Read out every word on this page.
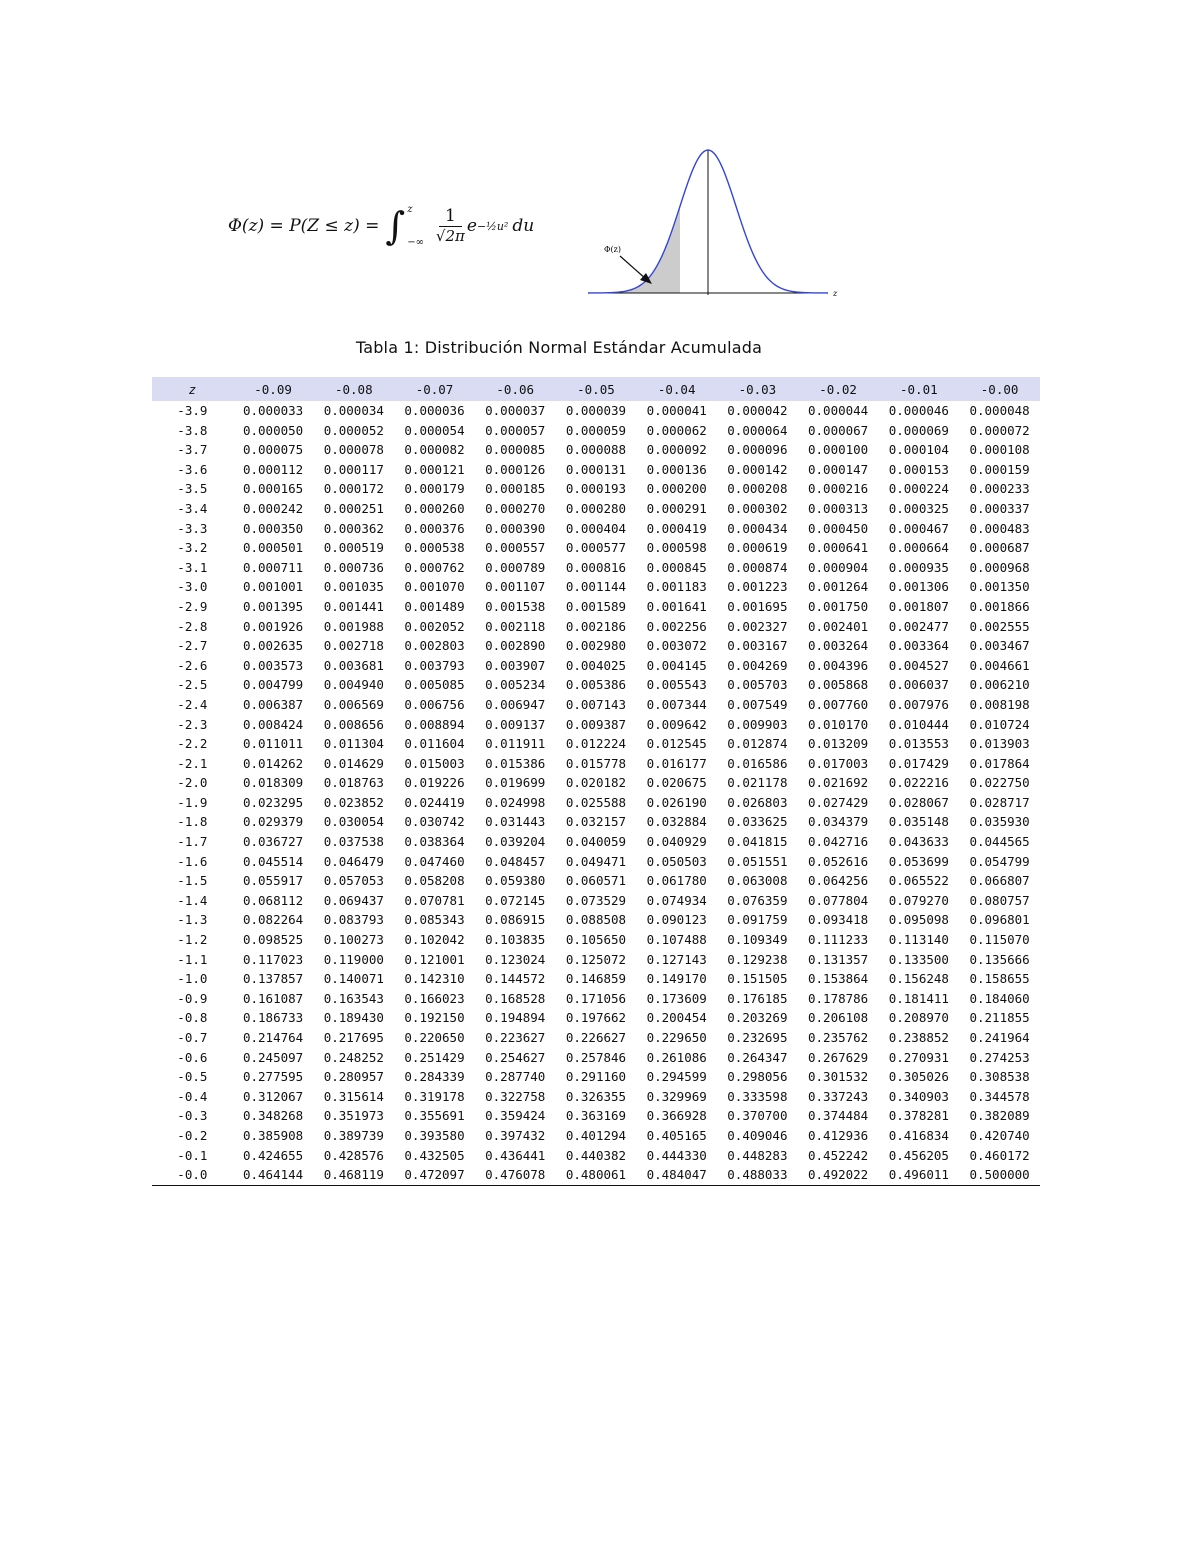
Φ(z) = P(Z ≤ z) = ∫ z
−∞ $\frac{1}{√2\pi}$ e −½u² du
Φ(z)
z
Tabla 1: Distribución Normal Estándar Acumulada
z	-0.09	-0.08	-0.07	-0.06	-0.05	-0.04	-0.03	-0.02	-0.01	-0.00
-3.9	0.000033	0.000034	0.000036	0.000037	0.000039	0.000041	0.000042	0.000044	0.000046	0.000048
-3.8	0.000050	0.000052	0.000054	0.000057	0.000059	0.000062	0.000064	0.000067	0.000069	0.000072
-3.7	0.000075	0.000078	0.000082	0.000085	0.000088	0.000092	0.000096	0.000100	0.000104	0.000108
-3.6	0.000112	0.000117	0.000121	0.000126	0.000131	0.000136	0.000142	0.000147	0.000153	0.000159
-3.5	0.000165	0.000172	0.000179	0.000185	0.000193	0.000200	0.000208	0.000216	0.000224	0.000233
-3.4	0.000242	0.000251	0.000260	0.000270	0.000280	0.000291	0.000302	0.000313	0.000325	0.000337
-3.3	0.000350	0.000362	0.000376	0.000390	0.000404	0.000419	0.000434	0.000450	0.000467	0.000483
-3.2	0.000501	0.000519	0.000538	0.000557	0.000577	0.000598	0.000619	0.000641	0.000664	0.000687
-3.1	0.000711	0.000736	0.000762	0.000789	0.000816	0.000845	0.000874	0.000904	0.000935	0.000968
-3.0	0.001001	0.001035	0.001070	0.001107	0.001144	0.001183	0.001223	0.001264	0.001306	0.001350
-2.9	0.001395	0.001441	0.001489	0.001538	0.001589	0.001641	0.001695	0.001750	0.001807	0.001866
-2.8	0.001926	0.001988	0.002052	0.002118	0.002186	0.002256	0.002327	0.002401	0.002477	0.002555
-2.7	0.002635	0.002718	0.002803	0.002890	0.002980	0.003072	0.003167	0.003264	0.003364	0.003467
-2.6	0.003573	0.003681	0.003793	0.003907	0.004025	0.004145	0.004269	0.004396	0.004527	0.004661
-2.5	0.004799	0.004940	0.005085	0.005234	0.005386	0.005543	0.005703	0.005868	0.006037	0.006210
-2.4	0.006387	0.006569	0.006756	0.006947	0.007143	0.007344	0.007549	0.007760	0.007976	0.008198
-2.3	0.008424	0.008656	0.008894	0.009137	0.009387	0.009642	0.009903	0.010170	0.010444	0.010724
-2.2	0.011011	0.011304	0.011604	0.011911	0.012224	0.012545	0.012874	0.013209	0.013553	0.013903
-2.1	0.014262	0.014629	0.015003	0.015386	0.015778	0.016177	0.016586	0.017003	0.017429	0.017864
-2.0	0.018309	0.018763	0.019226	0.019699	0.020182	0.020675	0.021178	0.021692	0.022216	0.022750
-1.9	0.023295	0.023852	0.024419	0.024998	0.025588	0.026190	0.026803	0.027429	0.028067	0.028717
-1.8	0.029379	0.030054	0.030742	0.031443	0.032157	0.032884	0.033625	0.034379	0.035148	0.035930
-1.7	0.036727	0.037538	0.038364	0.039204	0.040059	0.040929	0.041815	0.042716	0.043633	0.044565
-1.6	0.045514	0.046479	0.047460	0.048457	0.049471	0.050503	0.051551	0.052616	0.053699	0.054799
-1.5	0.055917	0.057053	0.058208	0.059380	0.060571	0.061780	0.063008	0.064256	0.065522	0.066807
-1.4	0.068112	0.069437	0.070781	0.072145	0.073529	0.074934	0.076359	0.077804	0.079270	0.080757
-1.3	0.082264	0.083793	0.085343	0.086915	0.088508	0.090123	0.091759	0.093418	0.095098	0.096801
-1.2	0.098525	0.100273	0.102042	0.103835	0.105650	0.107488	0.109349	0.111233	0.113140	0.115070
-1.1	0.117023	0.119000	0.121001	0.123024	0.125072	0.127143	0.129238	0.131357	0.133500	0.135666
-1.0	0.137857	0.140071	0.142310	0.144572	0.146859	0.149170	0.151505	0.153864	0.156248	0.158655
-0.9	0.161087	0.163543	0.166023	0.168528	0.171056	0.173609	0.176185	0.178786	0.181411	0.184060
-0.8	0.186733	0.189430	0.192150	0.194894	0.197662	0.200454	0.203269	0.206108	0.208970	0.211855
-0.7	0.214764	0.217695	0.220650	0.223627	0.226627	0.229650	0.232695	0.235762	0.238852	0.241964
-0.6	0.245097	0.248252	0.251429	0.254627	0.257846	0.261086	0.264347	0.267629	0.270931	0.274253
-0.5	0.277595	0.280957	0.284339	0.287740	0.291160	0.294599	0.298056	0.301532	0.305026	0.308538
-0.4	0.312067	0.315614	0.319178	0.322758	0.326355	0.329969	0.333598	0.337243	0.340903	0.344578
-0.3	0.348268	0.351973	0.355691	0.359424	0.363169	0.366928	0.370700	0.374484	0.378281	0.382089
-0.2	0.385908	0.389739	0.393580	0.397432	0.401294	0.405165	0.409046	0.412936	0.416834	0.420740
-0.1	0.424655	0.428576	0.432505	0.436441	0.440382	0.444330	0.448283	0.452242	0.456205	0.460172
-0.0	0.464144	0.468119	0.472097	0.476078	0.480061	0.484047	0.488033	0.492022	0.496011	0.500000
